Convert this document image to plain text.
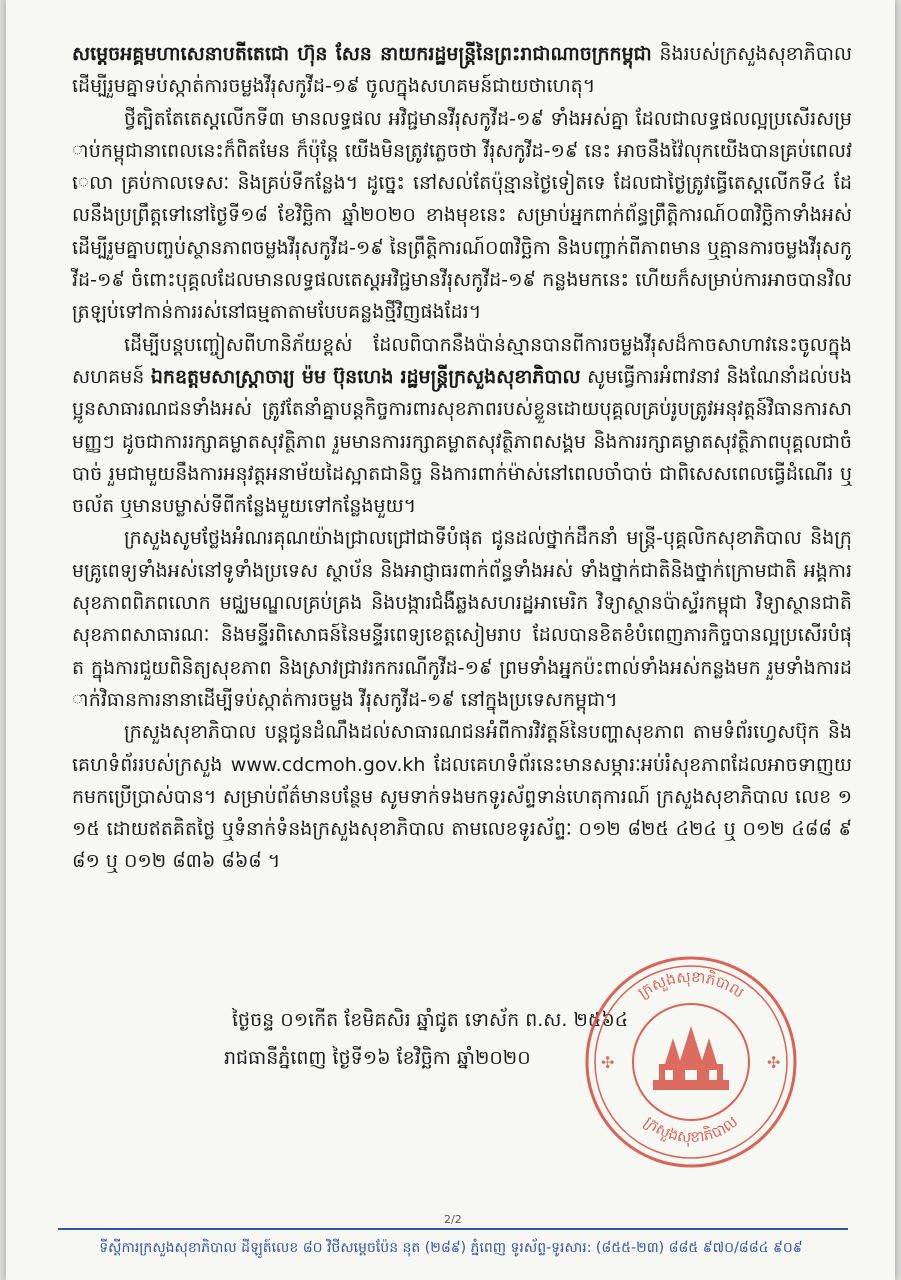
សម្ដេចអគ្គមហាសេនាបតីតេជោ ហ៊ុន សែន នាយករដ្ឋមន្ត្រីនៃព្រះរាជាណាចក្រកម្ពុជា និងរបស់ក្រសួងសុខាភិបាល ដើម្បីរួមគ្នាទប់ស្កាត់ការចម្លងវីរុសកូវីដ-១៩ ចូលក្នុងសហគមន៍ជាយថាហេតុ។

ថ្វីត្បិតតែតេស្តលើកទី៣ មានលទ្ធផល អវិជ្ជមានវីរុសកូវីដ-១៩ ទាំងអស់គ្នា ដែលជាលទ្ធផលល្អប្រសើរសម្រាប់កម្ពុជានាពេលនេះក៏ពិតមែន ក៏ប៉ុន្តែ យើងមិនត្រូវភ្លេចថា វីរុសកូវីដ-១៩ នេះ អាចនឹងវ៉ៃលុកយើងបានគ្រប់ពេលវេលា គ្រប់កាលទេសៈ និងគ្រប់ទីកន្លែង។ ដូច្នេះ នៅសល់តែប៉ុន្មានថ្ងៃទៀតទេ ដែលជាថ្ងៃត្រូវធ្វើតេស្តលើកទី៤ ដែលនឹងប្រព្រឹត្តទៅនៅថ្ងៃទី១៨ ខែវិច្ឆិកា ឆ្នាំ២០២០ ខាងមុខនេះ សម្រាប់អ្នកពាក់ព័ន្ធព្រឹត្តិការណ៍០៣វិច្ឆិកាទាំងអស់ ដើម្បីរួមគ្នាបញ្ចប់ស្ថានភាពចម្លងវីរុសកូវីដ-១៩ នៃព្រឹត្តិការណ៍០៣វិច្ឆិកា និងបញ្ជាក់ពីភាពមាន ឬគ្មានការចម្លងវីរុសកូវីដ-១៩ ចំពោះបុគ្គលដែលមានលទ្ធផលតេស្តអវិជ្ជមានវីរុសកូវីដ-១៩ កន្លងមកនេះ ហើយក៏សម្រាប់ការអាចបានវិលត្រឡប់ទៅកាន់ការរស់នៅធម្មតាតាមបែបគន្លងថ្មីវិញផងដែរ។

ដើម្បីបន្តបញ្ចៀសពីហានិភ័យខ្ពស់ ដែលពិបាកនឹងប៉ាន់ស្មានបានពីការចម្លងវីរុសដ៏កាចសាហាវនេះចូលក្នុងសហគមន៍ ឯកឧត្តមសាស្ត្រាចារ្យ ម៉ម ប៊ុនហេង រដ្ឋមន្ត្រីក្រសួងសុខាភិបាល សូមធ្វើការអំពាវនាវ និងណែនាំដល់បងប្អូនសាធារណជនទាំងអស់ ត្រូវតែនាំគ្នាបន្តកិច្ចការពារសុខភាពរបស់ខ្លួនដោយបុគ្គលគ្រប់រូបត្រូវអនុវត្តន៍វិធានការសាមញ្ញៗ ដូចជាការរក្សាគម្លាតសុវត្ថិភាព រួមមានការរក្សាគម្លាតសុវត្ថិភាពសង្គម និងការរក្សាគម្លាតសុវត្ថិភាពបុគ្គលជាចំបាច់ រួមជាមួយនឹងការអនុវត្តអនាម័យដៃស្អាតជានិច្ច និងការពាក់ម៉ាស់នៅពេលចាំបាច់ ជាពិសេសពេលធ្វើដំណើរ ឬចល័ត ឬមានបម្លាស់ទីពីកន្លែងមួយទៅកន្លែងមួយ។

ក្រសួងសូមថ្លែងអំណរគុណយ៉ាងជ្រាលជ្រៅជាទីបំផុត ជូនដល់ថ្នាក់ដឹកនាំ មន្ត្រី-បុគ្គលិកសុខាភិបាល និងក្រុមគ្រូពេទ្យទាំងអស់នៅទូទាំងប្រទេស ស្ថាប័ន និងអាជ្ញាធរពាក់ព័ន្ធទាំងអស់ ទាំងថ្នាក់ជាតិនិងថ្នាក់ក្រោមជាតិ អង្គការសុខភាពពិភពលោក មជ្ឈមណ្ឌលគ្រប់គ្រង និងបង្ការជំងឺឆ្លងសហរដ្ឋអាមេរិក វិទ្យាស្ថានប៉ាស្ទ័រកម្ពុជា វិទ្យាស្ថានជាតិសុខភាពសាធារណៈ និងមន្ទីរពិសោធន៍នៃមន្ទីរពេទ្យខេត្តសៀមរាប ដែលបានខិតខំបំពេញភារកិច្ចបានល្អប្រសើរបំផុត ក្នុងការជួយពិនិត្យសុខភាព និងស្រាវជ្រាវរកករណីកូវីដ-១៩ ព្រមទាំងអ្នកប៉ះពាល់ទាំងអស់កន្លងមក រួមទាំងការដាក់វិធានការនានាដើម្បីទប់ស្កាត់ការចម្លង វីរុសកូវីដ-១៩ នៅក្នុងប្រទេសកម្ពុជា។

ក្រសួងសុខាភិបាល បន្តជូនដំណឹងដល់សាធារណជនអំពីការវិវត្តន៍នៃបញ្ហាសុខភាព តាមទំព័រហ្វេសប៊ុក និងគេហទំព័ររបស់ក្រសួង www.cdcmoh.gov.kh ដែលគេហទំព័រនេះមានសម្ភារៈអប់រំសុខភាពដែលអាចទាញយកមកប្រើប្រាស់បាន។ សម្រាប់ព័ត៌មានបន្ថែម សូមទាក់ទងមកទូរស័ព្ទទាន់ហេតុការណ៍ ក្រសួងសុខាភិបាល លេខ ១១៥ ដោយឥតគិតថ្លៃ ឬទំនាក់ទំនងក្រសួងសុខាភិបាល តាមលេខទូរស័ព្ទៈ ០១២ ៨២៥ ៤២៤ ឬ ០១២ ៤៨៨ ៩៨១ ឬ ០១២ ៨៣៦ ៨៦៨ ។

ថ្ងៃចន្ទ ០១កើត ខែមិគសិរ ឆ្នាំជូត ទោស័ក ព.ស. ២៥៦៤
រាជធានីភ្នំពេញ ថ្ងៃទី១៦ ខែវិច្ឆិកា ឆ្នាំ២០២០
ក្រសួងសុខាភិបាល
ក្រសួងសុខាភិបាល
✣	✣
2/2
ទីស្តីការក្រសួងសុខាភិបាល ដីឡូត៍លេខ ៨០ វិថីសម្តេចប៉ែន នុត (២៨៩) ភ្នំពេញ ទូរស័ព្ទ-ទូរសារ: (៨៥៥-២៣) ៨៨៥ ៩៧០/៨៨៤ ៩០៩
